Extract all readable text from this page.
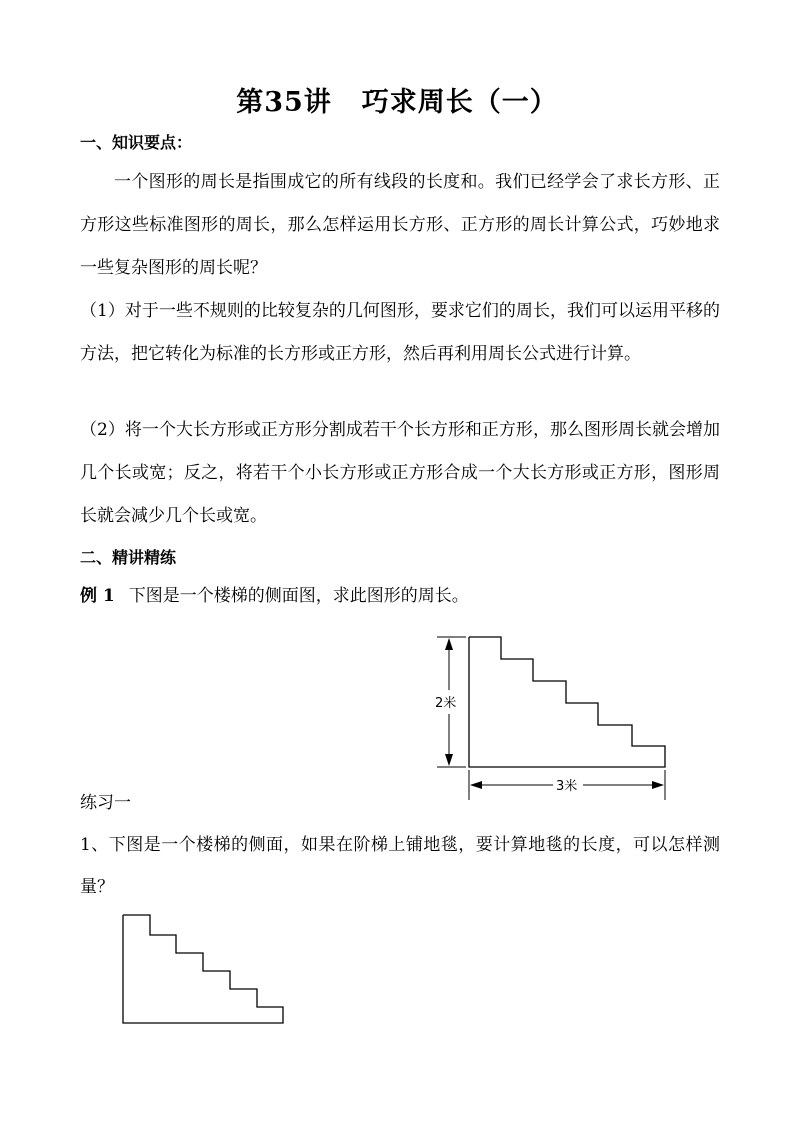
第35讲 巧求周长（一）
一、知识要点：
一个图形的周长是指围成它的所有线段的长度和。我们已经学会了求长方形、正方形这些标准图形的周长，那么怎样运用长方形、正方形的周长计算公式，巧妙地求一些复杂图形的周长呢？
（1）对于一些不规则的比较复杂的几何图形，要求它们的周长，我们可以运用平移的方法，把它转化为标准的长方形或正方形，然后再利用周长公式进行计算。
（2）将一个大长方形或正方形分割成若干个长方形和正方形，那么图形周长就会增加几个长或宽；反之，将若干个小长方形或正方形合成一个大长方形或正方形，图形周长就会减少几个长或宽。
二、精讲精练
例 1 下图是一个楼梯的侧面图，求此图形的周长。
2米
3米
练习一
1、下图是一个楼梯的侧面，如果在阶梯上铺地毯，要计算地毯的长度，可以怎样测量？
